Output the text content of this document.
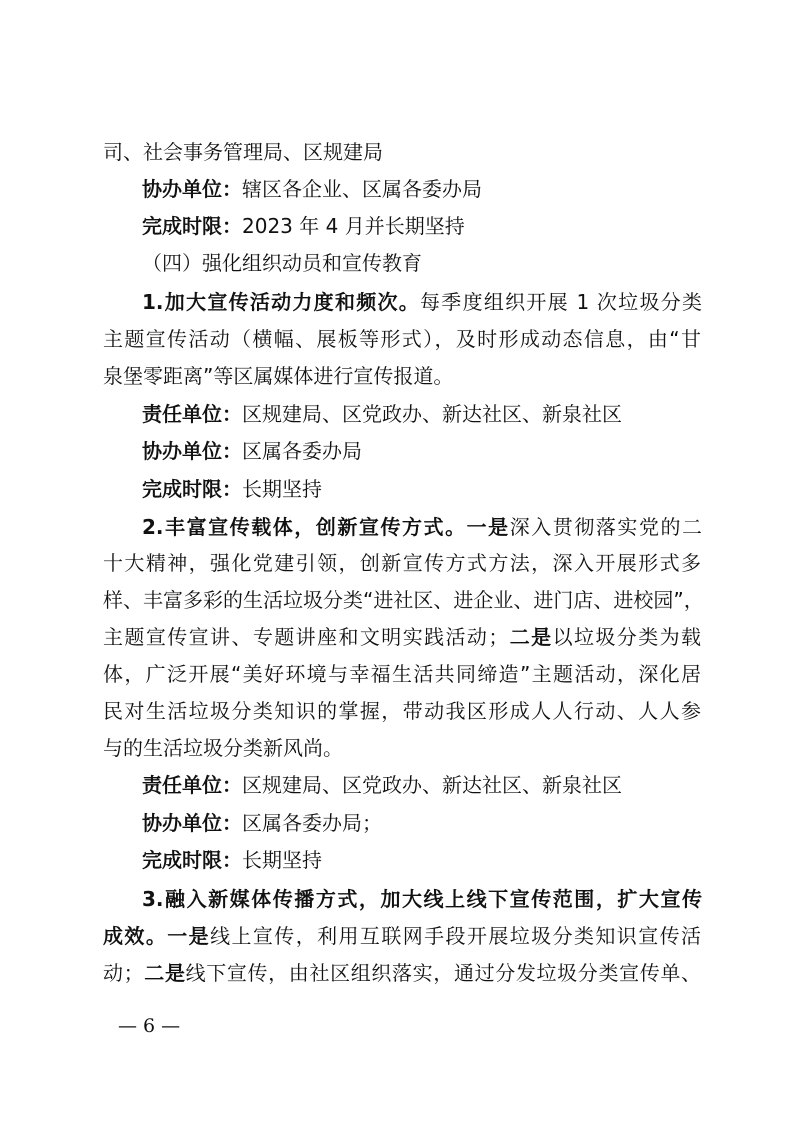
司、社会事务管理局、区规建局
协办单位：辖区各企业、区属各委办局
完成时限：2023 年 4 月并长期坚持
（四）强化组织动员和宣传教育
1.加大宣传活动力度和频次。每季度组织开展 1 次垃圾分类
主题宣传活动（横幅、展板等形式），及时形成动态信息，由“甘
泉堡零距离”等区属媒体进行宣传报道。
责任单位：区规建局、区党政办、新达社区、新泉社区
协办单位：区属各委办局
完成时限：长期坚持
2.丰富宣传载体，创新宣传方式。一是深入贯彻落实党的二
十大精神，强化党建引领，创新宣传方式方法，深入开展形式多
样、丰富多彩的生活垃圾分类“进社区、进企业、进门店、进校园”，
主题宣传宣讲、专题讲座和文明实践活动；二是以垃圾分类为载
体，广泛开展“美好环境与幸福生活共同缔造”主题活动，深化居
民对生活垃圾分类知识的掌握，带动我区形成人人行动、人人参
与的生活垃圾分类新风尚。
责任单位：区规建局、区党政办、新达社区、新泉社区
协办单位：区属各委办局；
完成时限：长期坚持
3.融入新媒体传播方式，加大线上线下宣传范围，扩大宣传
成效。一是线上宣传，利用互联网手段开展垃圾分类知识宣传活
动；二是线下宣传，由社区组织落实，通过分发垃圾分类宣传单、
— 6 —
